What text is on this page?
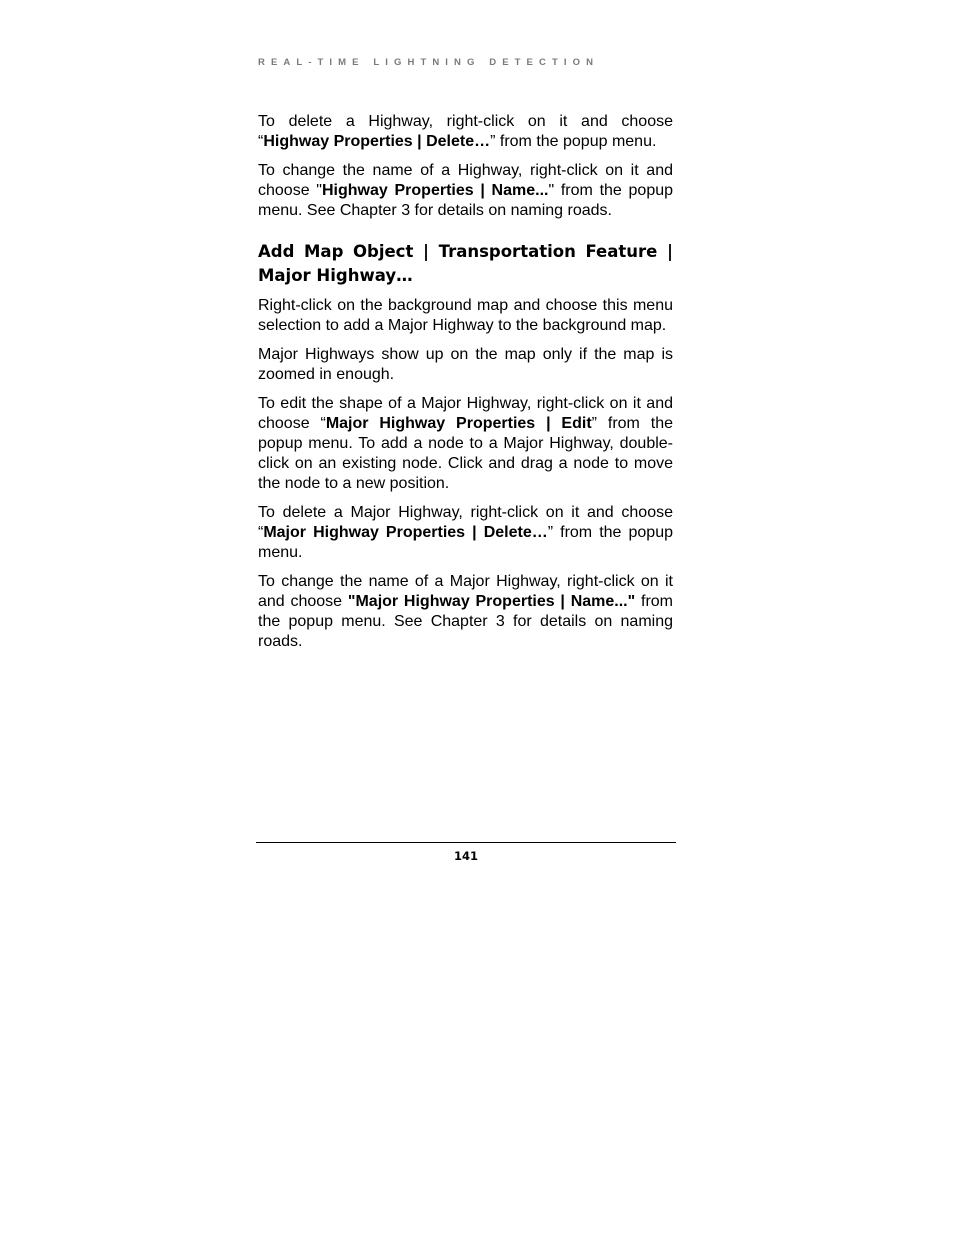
REAL-TIME LIGHTNING DETECTION

To delete a Highway, right-click on it and choose “Highway Properties | Delete…” from the popup menu.

To change the name of a Highway, right-click on it and choose "Highway Properties | Name..." from the popup menu. See Chapter 3 for details on naming roads.

Add Map Object | Transportation Feature | Major Highway…

Right-click on the background map and choose this menu selection to add a Major Highway to the background map.

Major Highways show up on the map only if the map is zoomed in enough.

To edit the shape of a Major Highway, right-click on it and choose “Major Highway Properties | Edit” from the popup menu. To add a node to a Major Highway, double-click on an existing node. Click and drag a node to move the node to a new position.

To delete a Major Highway, right-click on it and choose “Major Highway Properties | Delete…” from the popup menu.

To change the name of a Major Highway, right-click on it and choose "Major Highway Properties | Name..." from the popup menu. See Chapter 3 for details on naming roads.

141
